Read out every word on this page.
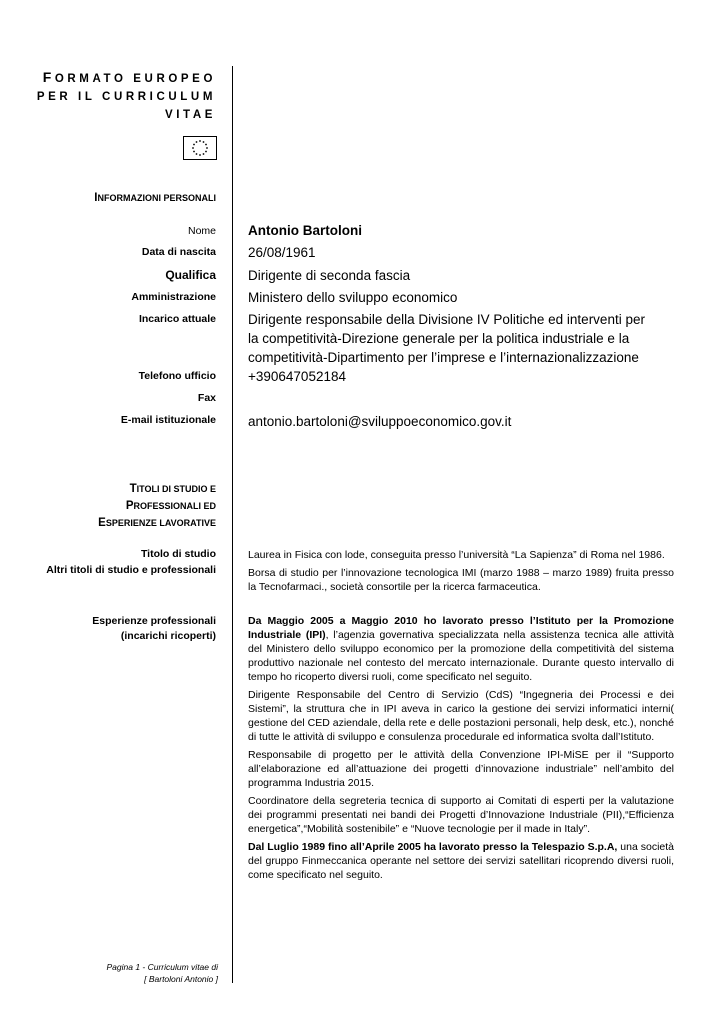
FORMATO EUROPEO
PER IL CURRICULUM
VITAE
INFORMAZIONI PERSONALI
Nome Antonio Bartoloni
Data di nascita 26/08/1961
Qualifica Dirigente di seconda fascia
Amministrazione Ministero dello sviluppo economico
Incarico attuale Dirigente responsabile della Divisione IV Politiche ed interventi per la competitività-Direzione generale per la politica industriale e la competitività-Dipartimento per l’imprese e l’internazionalizzazione
Telefono ufficio +390647052184
Fax
E-mail istituzionale antonio.bartoloni@sviluppoeconomico.gov.it
TITOLI DI STUDIO E
PROFESSIONALI ED
ESPERIENZE LAVORATIVE
Titolo di studio
Altri titoli di studio e professionali

Laurea in Fisica con lode, conseguita presso l’università “La Sapienza” di Roma nel 1986.

Borsa di studio per l’innovazione tecnologica IMI (marzo 1988 – marzo 1989) fruita presso la Tecnofarmaci., società consortile per la ricerca farmaceutica.

Esperienze professionali
(incarichi ricoperti)

Da Maggio 2005 a Maggio 2010 ho lavorato presso l’Istituto per la Promozione Industriale (IPI), l’agenzia governativa specializzata nella assistenza tecnica alle attività del Ministero dello sviluppo economico per la promozione della competitività del sistema produttivo nazionale nel contesto del mercato internazionale. Durante questo intervallo di tempo ho ricoperto diversi ruoli, come specificato nel seguito.

Dirigente Responsabile del Centro di Servizio (CdS) “Ingegneria dei Processi e dei Sistemi”, la struttura che in IPI aveva in carico la gestione dei servizi informatici interni( gestione del CED aziendale, della rete e delle postazioni personali, help desk, etc.), nonché di tutte le attività di sviluppo e consulenza procedurale ed informatica svolta dall’Istituto.

Responsabile di progetto per le attività della Convenzione IPI-MiSE per il “Supporto all’elaborazione ed all’attuazione dei progetti d’innovazione industriale” nell’ambito del programma Industria 2015.

Coordinatore della segreteria tecnica di supporto ai Comitati di esperti per la valutazione dei programmi presentati nei bandi dei Progetti d’Innovazione Industriale (PII),“Efficienza energetica”,“Mobilità sostenibile” e “Nuove tecnologie per il made in Italy”.

Dal Luglio 1989 fino all’Aprile 2005 ha lavorato presso la Telespazio S.p.A, una società del gruppo Finmeccanica operante nel settore dei servizi satellitari ricoprendo diversi ruoli, come specificato nel seguito.

Pagina 1 - Curriculum vitae di
[ Bartoloni Antonio ]
